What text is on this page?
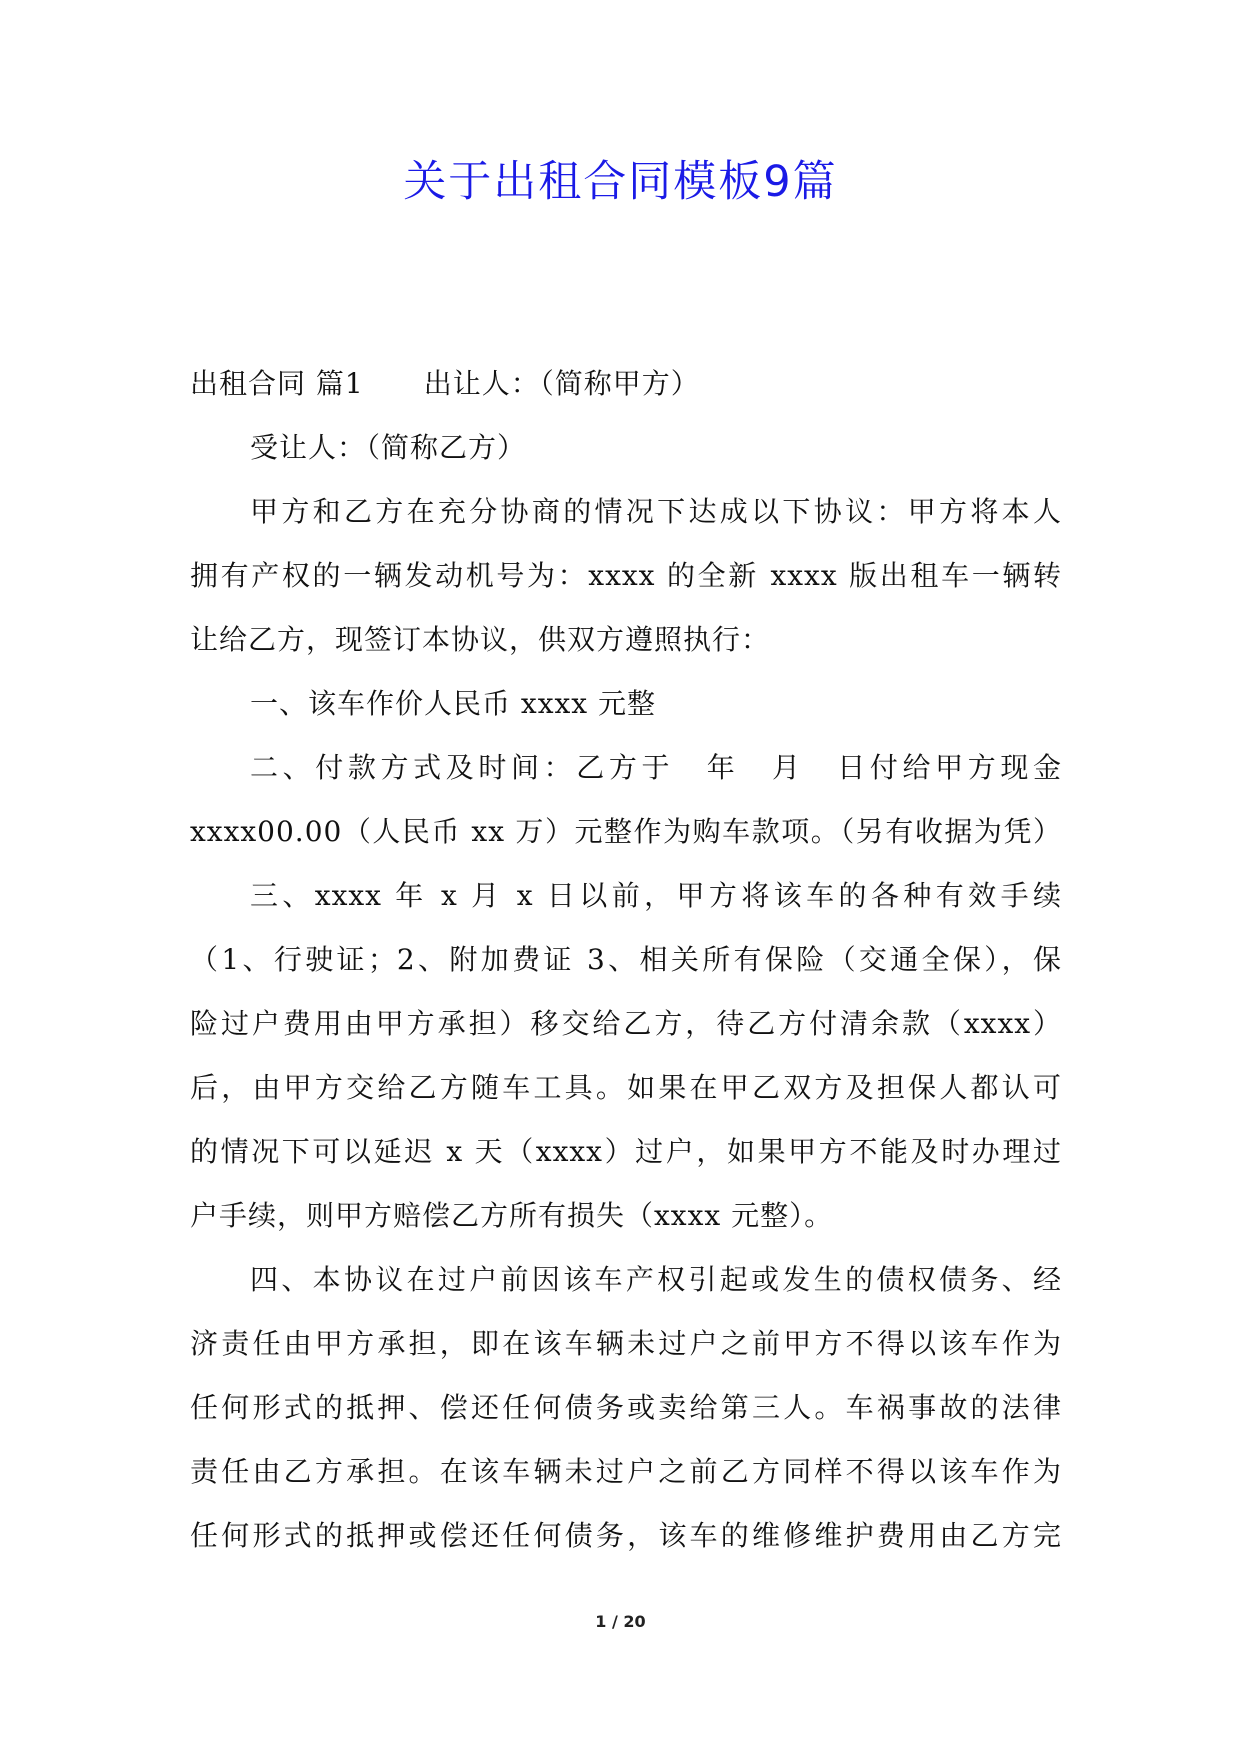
关于出租合同模板9篇
出租合同 篇1 出让人：（简称甲方）
受让人：（简称乙方）
甲方和乙方在充分协商的情况下达成以下协议：甲方将本人
拥有产权的一辆发动机号为：xxxx 的全新 xxxx 版出租车一辆转
让给乙方，现签订本协议，供双方遵照执行：
一、该车作价人民币 xxxx 元整
二、付款方式及时间：乙方于　年　月　日付给甲方现金
xxxx00.00（人民币 xx 万）元整作为购车款项。（另有收据为凭）
三、xxxx 年 x 月 x 日以前，甲方将该车的各种有效手续
（1、行驶证；2、附加费证 3、相关所有保险（交通全保），保
险过户费用由甲方承担）移交给乙方，待乙方付清余款（xxxx）
后，由甲方交给乙方随车工具。如果在甲乙双方及担保人都认可
的情况下可以延迟 x 天（xxxx）过户，如果甲方不能及时办理过
户手续，则甲方赔偿乙方所有损失（xxxx 元整）。
四、本协议在过户前因该车产权引起或发生的债权债务、经
济责任由甲方承担，即在该车辆未过户之前甲方不得以该车作为
任何形式的抵押、偿还任何债务或卖给第三人。车祸事故的法律
责任由乙方承担。在该车辆未过户之前乙方同样不得以该车作为
任何形式的抵押或偿还任何债务，该车的维修维护费用由乙方完
1 / 20
